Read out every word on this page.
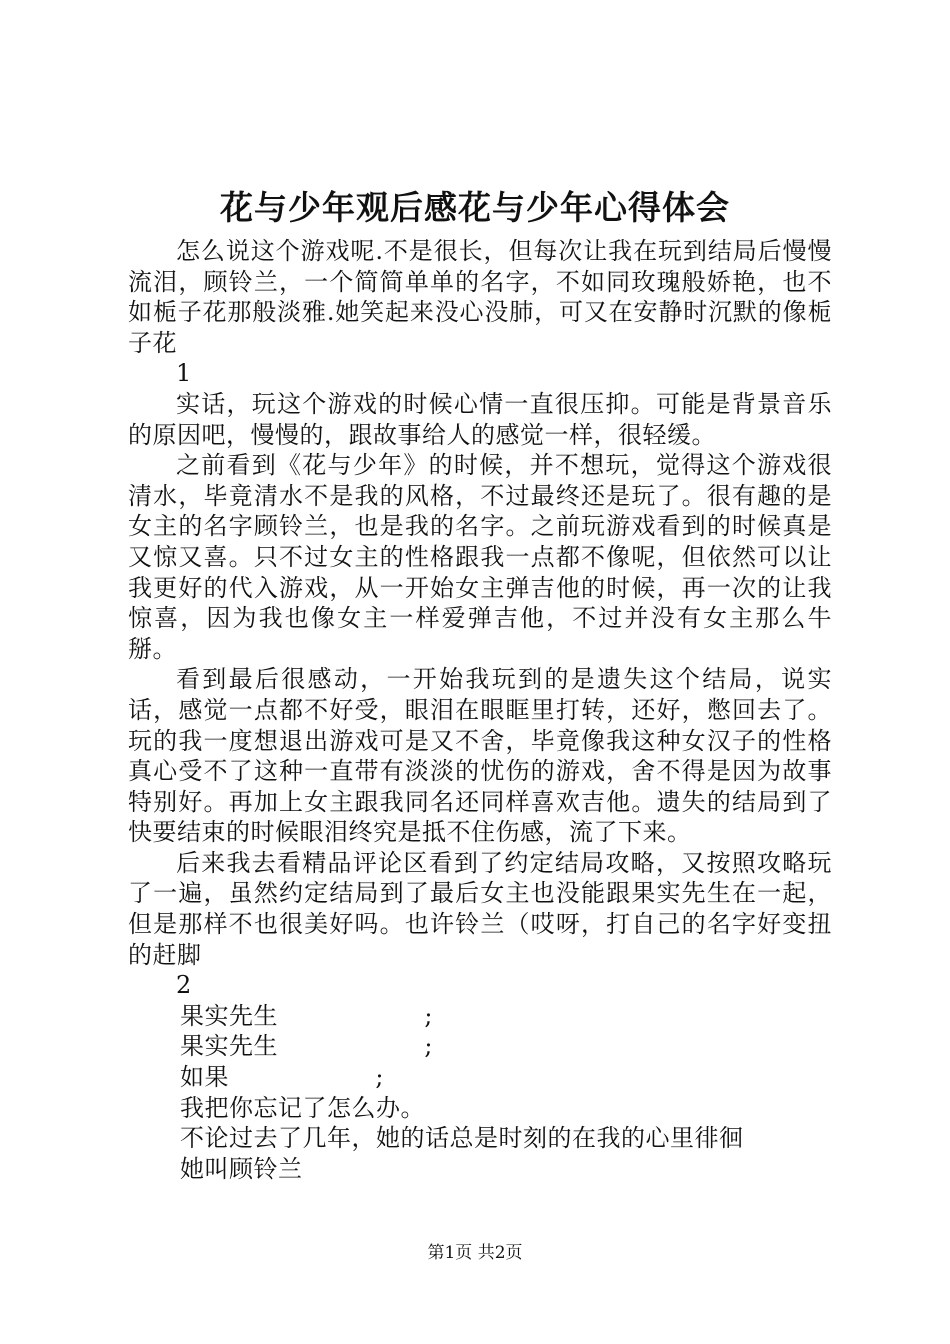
花与少年观后感花与少年心得体会

怎么说这个游戏呢.不是很长，但每次让我在玩到结局后慢慢流泪，顾铃兰，一个简简单单的名字，不如同玫瑰般娇艳，也不如栀子花那般淡雅.她笑起来没心没肺，可又在安静时沉默的像栀子花

1

实话，玩这个游戏的时候心情一直很压抑。可能是背景音乐的原因吧，慢慢的，跟故事给人的感觉一样，很轻缓。

之前看到《花与少年》的时候，并不想玩，觉得这个游戏很清水，毕竟清水不是我的风格，不过最终还是玩了。很有趣的是女主的名字顾铃兰，也是我的名字。之前玩游戏看到的时候真是又惊又喜。只不过女主的性格跟我一点都不像呢，但依然可以让我更好的代入游戏，从一开始女主弹吉他的时候，再一次的让我惊喜，因为我也像女主一样爱弹吉他，不过并没有女主那么牛掰。

看到最后很感动，一开始我玩到的是遗失这个结局，说实话，感觉一点都不好受，眼泪在眼眶里打转，还好，憋回去了。玩的我一度想退出游戏可是又不舍，毕竟像我这种女汉子的性格真心受不了这种一直带有淡淡的忧伤的游戏，舍不得是因为故事特别好。再加上女主跟我同名还同样喜欢吉他。遗失的结局到了快要结束的时候眼泪终究是抵不住伤感，流了下来。

后来我去看精品评论区看到了约定结局攻略，又按照攻略玩了一遍，虽然约定结局到了最后女主也没能跟果实先生在一起，但是那样不也很美好吗。也许铃兰（哎呀，打自己的名字好变扭的赶脚

2

果实先生                  ;

果实先生                  ;

如果                  ;

我把你忘记了怎么办。

不论过去了几年，她的话总是时刻的在我的心里徘徊

她叫顾铃兰

第1页 共2页
